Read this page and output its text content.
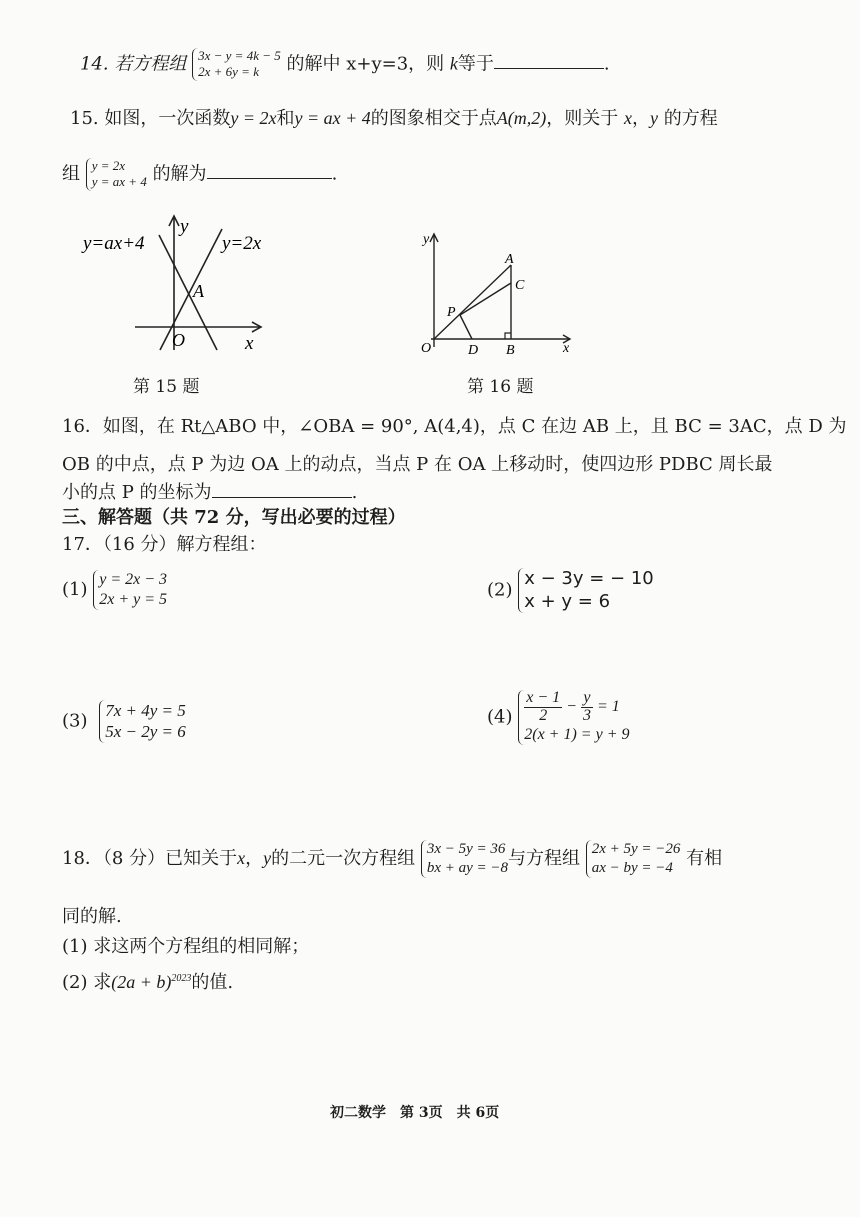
14. 若方程组 3x − y = 4k − 5
2x + 6y = k	的解中 x+y=3，则 k等于	.
15. 如图，一次函数y = 2x和y = ax + 4的图象相交于点A(m,2)，则关于 x，y 的方程
组 y = 2x
y = ax + 4 的解为	.
y=ax+4	y=2x
y
x
O
A
第 15 题
y
x
O
A
B
C
D
P
第 16 题
16．如图，在 Rt△ABO 中，∠OBA = 90°, A(4,4)，点 C 在边 AB 上，且 BC = 3AC，点 D 为
OB 的中点，点 P 为边 OA 上的动点，当点 P 在 OA 上移动时，使四边形 PDBC 周长最
小的点 P 的坐标为	.
三、解答题（共 72 分，写出必要的过程）
17．（16 分）解方程组：
(1) y = 2x − 3
2x + y = 5	(2)
x − 3y = − 10
x + y = 6
(3) 7x + 4y = 5
5x − 2y = 6
$(4) \frac{x - 1}{2} - \frac{y}{3} = 1$
2(x + 1) = y + 9
18．（8 分）已知关于x，y的二元一次方程组 3x − 5y = 36
bx + ay = −8 与方程组 2x + 5y = −26
ax − by = −4 有相
同的解.
(1) 求这两个方程组的相同解；
(2) 求$(2a + b)^{2023}$的值.
初二数学　第 3页　共 6页
